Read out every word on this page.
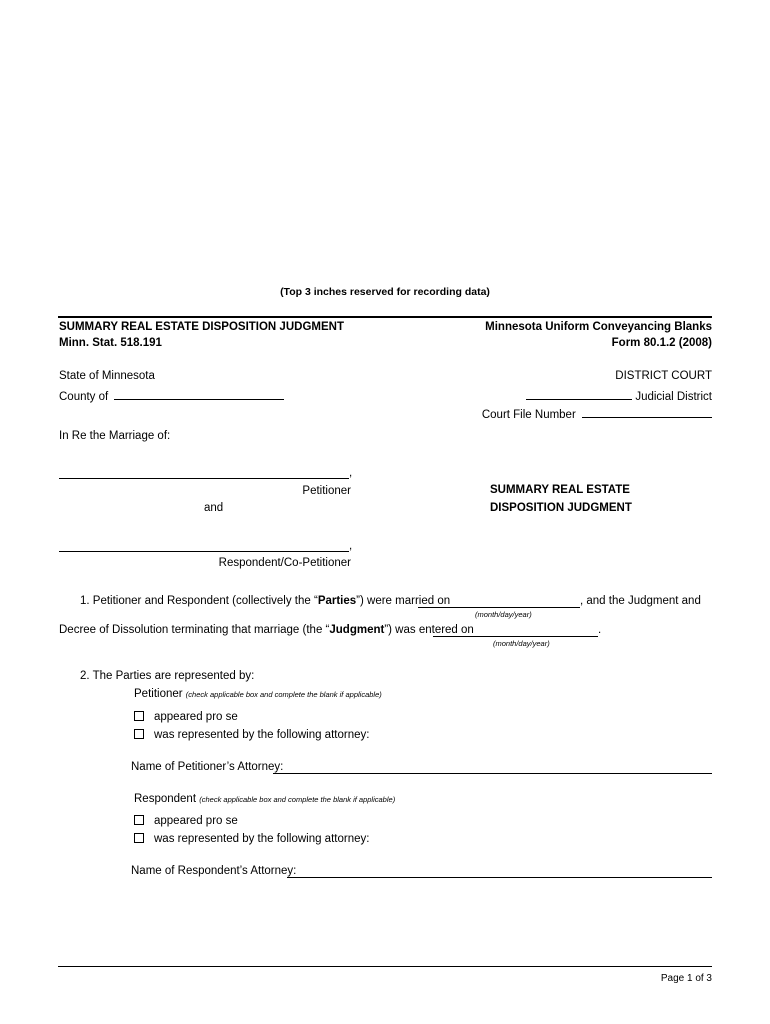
(Top 3 inches reserved for recording data)
SUMMARY REAL ESTATE DISPOSITION JUDGMENT
Minn. Stat. 518.191
Minnesota Uniform Conveyancing Blanks
Form 80.1.2 (2008)
State of Minnesota
County of
DISTRICT COURT
Judicial District
Court File Number
In Re the Marriage of:
,
Petitioner
and
SUMMARY REAL ESTATE
DISPOSITION JUDGMENT
,
Respondent/Co-Petitioner
1. Petitioner and Respondent (collectively the “Parties”) were married on	, and the Judgment and
(month/day/year)
Decree of Dissolution terminating that marriage (the “Judgment”) was entered on	.
(month/day/year)
2. The Parties are represented by:
Petitioner (check applicable box and complete the blank if applicable)
appeared pro se
was represented by the following attorney:
Name of Petitioner’s Attorney:
Respondent (check applicable box and complete the blank if applicable)
appeared pro se
was represented by the following attorney:
Name of Respondent’s Attorney:
Page 1 of 3
